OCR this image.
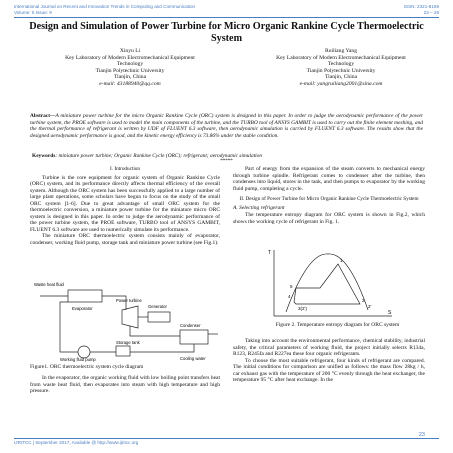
International Journal on Recent and Innovation Trends in Computing and Communication
Volume: 5 Issue: 9
ISSN: 2321-8169
23 – 26
Design and Simulation of Power Turbine for Micro Organic Rankine Cycle Thermoelectric System
Xinyu Li
Key Laboratory of Modern Electromechanical Equipment
Technology
Tianjin Polytechnic University
Tianjin, China
e-mail: 43188940@qq.com
Ruiliang Yang
Key Laboratory of Modern Electromechanical Equipment
Technology
Tianjin Polytechnic University
Tianjin, China
e-mail: yangruiliang2001@sina.com
Abstract—A miniature power turbine for the micro Organic Rankine Cycle (ORC) system is designed in this paper. In order to judge the aerodynamic performance of the power turbine system, the PROE software is used to model the main components of the turbine, and the TURBO tool of ANSYS GAMBIT is used to carry out the finite element meshing, and the thermal performance of refrigerant is written by UDF of FLUENT 6.3 software, then aerodynamic simulation is carried by FLUENT 6.3 software. The results show that the designed aerodynamic performance is good, and the kinetic energy efficiency is 73.86% under the stable condition.
Keywords: miniature power turbine; Organic Rankine Cycle (ORC); refrigerant; aerodynamic simulation
*****
I. Introduction

Turbine is the core equipment for organic system of Organic Rankine Cycle (ORC) system, and its performance directly affects thermal efficiency of the overall system. Although the ORC system has been successfully applied to a large number of large plant operations, some scholars have begun to focus on the study of the small ORC system [1-6]. Due to great advantage of small ORC system for the thermoelectric conversion, a miniature power turbine for the miniature micro ORC system is designed in this paper. In order to judge the aerodynamic performance of the power turbine system, the PROE software, TURBO tool of ANSYS GAMBIT, FLUENT 6.3 software are used to numerically simulate its performance.

The miniature ORC thermoelectric system consists mainly of evaporator, condenser, working fluid pump, storage tank and miniature power turbine (see Fig.1).

Waste heat fluid
Evaporator
Power turbine
Generator
Working fluid pump
Storage tank
Condenser
Cooling water
Figure1. ORC thermoelectric system cycle diagram

In the evaporator, the organic working fluid with low boiling point transfers heat from waste heat fluid, then evaporates into steam with high temperature and high pressure.

Part of energy from the expansion of the steam converts to mechanical energy through turbine spindle. Refrigerant comes to condenser after the turbine, then condenses into liquid, stores in the tank, and then pumps to evaporator by the working fluid pump, completing a cycle.

II. Design of Power Turbine for Micro Organic Rankine Cycle Thermoelectric System
A. Selecting refrigerant

The temperature entropy diagram for ORC system is shown in Fig.2, which shows the working cycle of refrigerant in Fig. 1.

T
S
1
2
2'
3(2')
4
5
Figure 2. Temperature entropy diagram for ORC system

Taking into account the environmental performance, chemical stability, industrial safety, the critical parameters of working fluid, the project initially selects R134a, R123, R245fa and R227ea these four organic refrigerants.

To choose the most suitable refrigerant, four kinds of refrigerant are compared. The initial conditions for comparison are unified as follows: the mass flow 28kg / h, car exhaust gas with the temperature of 200 °C evenly through the heat exchanger, the temperature 95 °C after heat exchange. In the

23
IJRITCC | September 2017, Available @ http://www.ijritcc.org
